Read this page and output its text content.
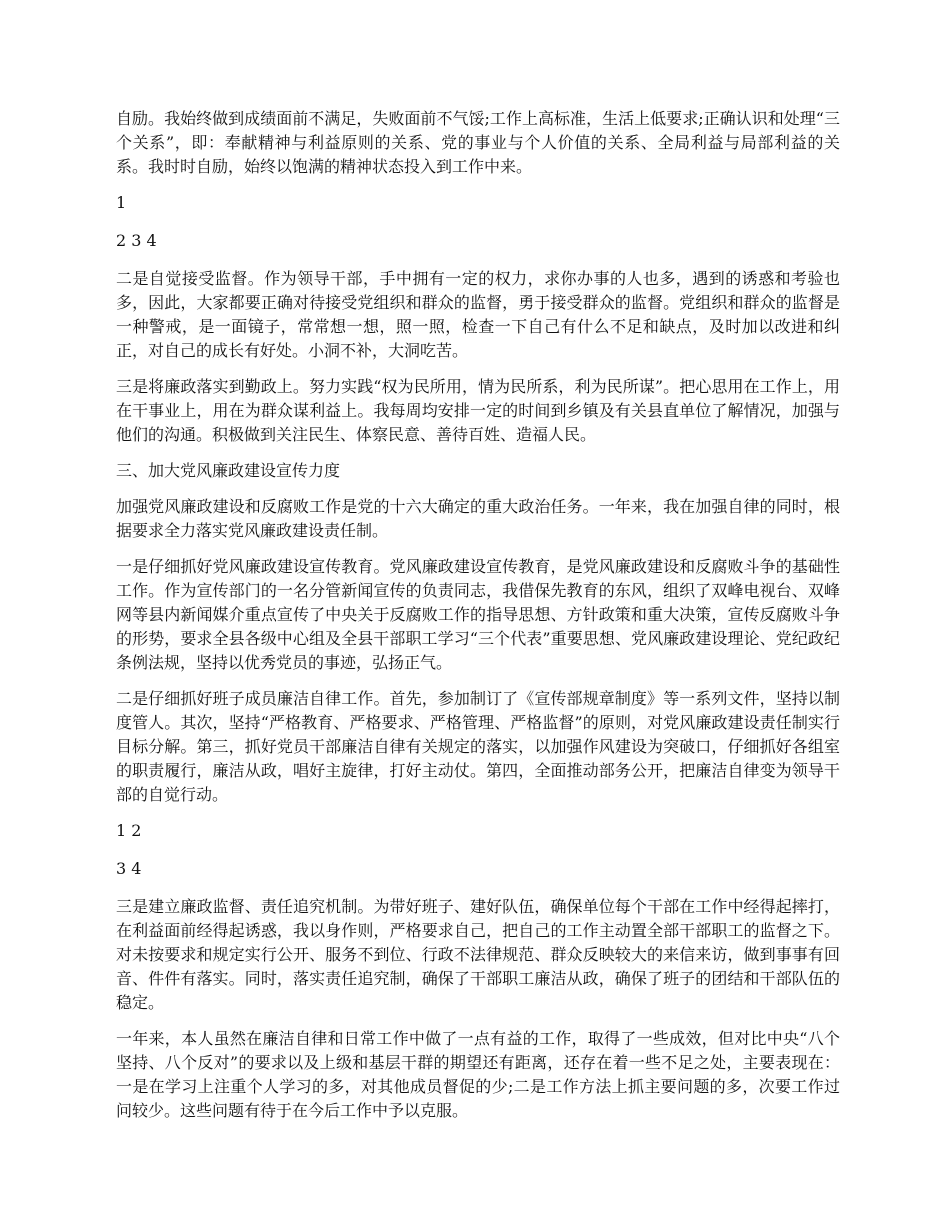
自励。我始终做到成绩面前不满足，失败面前不气馁;工作上高标准，生活上低要求;正确认识和处理“三个关系”，即：奉献精神与利益原则的关系、党的事业与个人价值的关系、全局利益与局部利益的关系。我时时自励，始终以饱满的精神状态投入到工作中来。

1

2 3 4

二是自觉接受监督。作为领导干部，手中拥有一定的权力，求你办事的人也多，遇到的诱惑和考验也多，因此，大家都要正确对待接受党组织和群众的监督，勇于接受群众的监督。党组织和群众的监督是一种警戒，是一面镜子，常常想一想，照一照，检查一下自己有什么不足和缺点，及时加以改进和纠正，对自己的成长有好处。小洞不补，大洞吃苦。

三是将廉政落实到勤政上。努力实践“权为民所用，情为民所系，利为民所谋”。把心思用在工作上，用在干事业上，用在为群众谋利益上。我每周均安排一定的时间到乡镇及有关县直单位了解情况，加强与他们的沟通。积极做到关注民生、体察民意、善待百姓、造福人民。

三、加大党风廉政建设宣传力度

加强党风廉政建设和反腐败工作是党的十六大确定的重大政治任务。一年来，我在加强自律的同时，根据要求全力落实党风廉政建设责任制。

一是仔细抓好党风廉政建设宣传教育。党风廉政建设宣传教育，是党风廉政建设和反腐败斗争的基础性工作。作为宣传部门的一名分管新闻宣传的负责同志，我借保先教育的东风，组织了双峰电视台、双峰网等县内新闻媒介重点宣传了中央关于反腐败工作的指导思想、方针政策和重大决策，宣传反腐败斗争的形势，要求全县各级中心组及全县干部职工学习“三个代表”重要思想、党风廉政建设理论、党纪政纪条例法规，坚持以优秀党员的事迹，弘扬正气。

二是仔细抓好班子成员廉洁自律工作。首先，参加制订了《宣传部规章制度》等一系列文件，坚持以制度管人。其次，坚持“严格教育、严格要求、严格管理、严格监督”的原则，对党风廉政建设责任制实行目标分解。第三，抓好党员干部廉洁自律有关规定的落实，以加强作风建设为突破口，仔细抓好各组室的职责履行，廉洁从政，唱好主旋律，打好主动仗。第四，全面推动部务公开，把廉洁自律变为领导干部的自觉行动。

1 2

3 4

三是建立廉政监督、责任追究机制。为带好班子、建好队伍，确保单位每个干部在工作中经得起摔打，在利益面前经得起诱惑，我以身作则，严格要求自己，把自己的工作主动置全部干部职工的监督之下。对未按要求和规定实行公开、服务不到位、行政不法律规范、群众反映较大的来信来访，做到事事有回音、件件有落实。同时，落实责任追究制，确保了干部职工廉洁从政，确保了班子的团结和干部队伍的稳定。

一年来，本人虽然在廉洁自律和日常工作中做了一点有益的工作，取得了一些成效，但对比中央“八个坚持、八个反对”的要求以及上级和基层干群的期望还有距离，还存在着一些不足之处，主要表现在：一是在学习上注重个人学习的多，对其他成员督促的少;二是工作方法上抓主要问题的多，次要工作过问较少。这些问题有待于在今后工作中予以克服。
